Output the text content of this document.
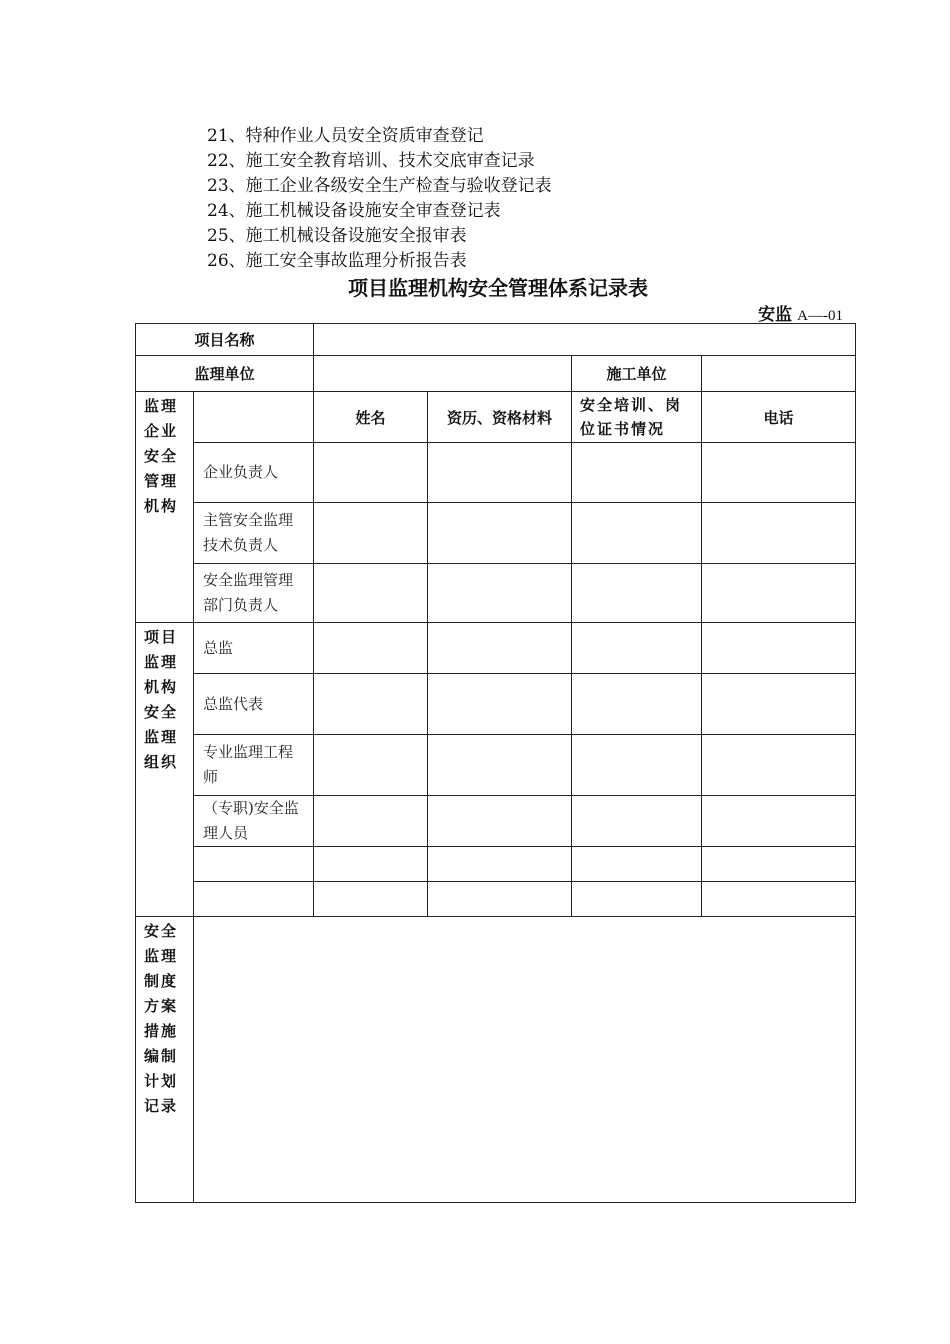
21、特种作业人员安全资质审查登记
22、施工安全教育培训、技术交底审查记录
23、施工企业各级安全生产检查与验收登记表
24、施工机械设备设施安全审查登记表
25、施工机械设备设施安全报审表
26、施工安全事故监理分析报告表
项目监理机构安全管理体系记录表
安监 A—-01
项目名称					
监理单位				施工单位	

监理企业安全管理机构		姓名	资历、资格材料	安全培训、岗位证书情况	电话
	企业负责人				
	主管安全监理技术负责人				
	安全监理管理部门负责人				

项目监理机构安全监理组织	总监				
	总监代表				
	专业监理工程师				
	（专职)安全监理人员				

安全监理制度方案措施编制计划记录					
